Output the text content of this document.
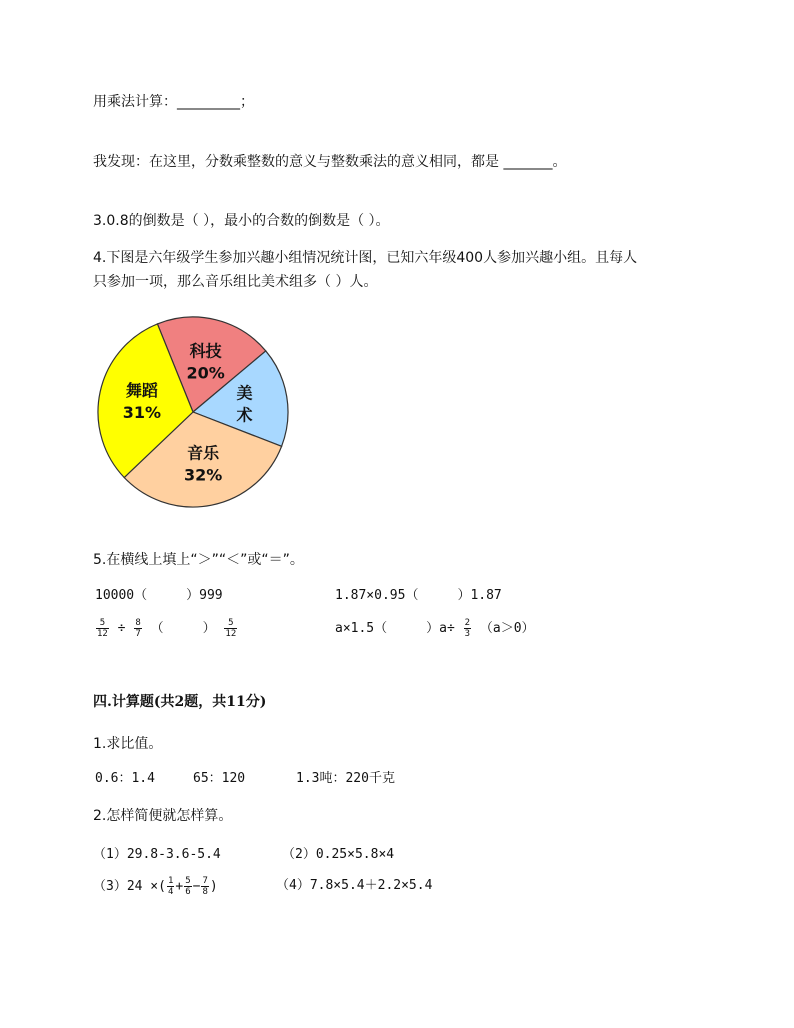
用乘法计算：_________；
我发现：在这里，分数乘整数的意义与整数乘法的意义相同，都是 _______。
3.0.8的倒数是（ ），最小的合数的倒数是（ ）。
4.下图是六年级学生参加兴趣小组情况统计图，已知六年级400人参加兴趣小组。且每人
只参加一项，那么音乐组比美术组多（ ）人。
科技
20%
美
术
音乐
32%
舞蹈
31%
5.在横线上填上“＞”“＜”或“＝”。
10000（　　　）999	1.87×0.95（　　　）1.87
$\frac{5}{12} \div \frac{8}{7}$ （　　　） $\frac{5}{12}$	a×1.5（　　　）$a\div \frac{2}{3} (a>0)$
四.计算题(共2题，共11分)
1.求比值。
0.6：1.4	65：120	1.3吨：220千克
2.怎样简便就怎样算。
（1）29.8-3.6-5.4	（2）0.25×5.8×4
（3）24 ×( $\frac{1}{4} + \frac{5}{6} - \frac{7}{8}$ )	（4）7.8×5.4＋2.2×5.4
